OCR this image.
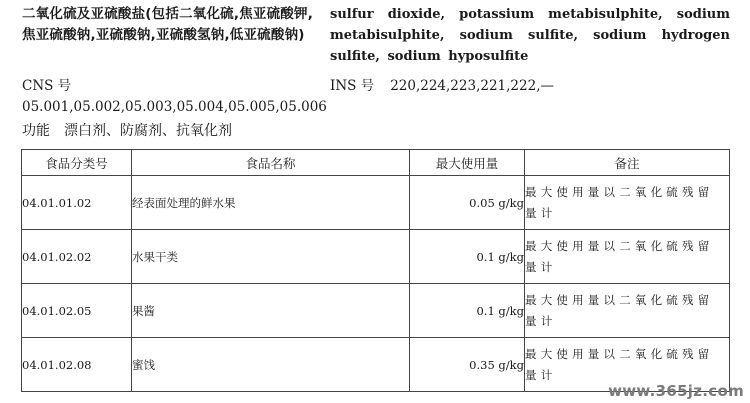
二氧化硫及亚硫酸盐(包括二氧化硫,焦亚硫酸钾,焦亚硫酸钠,亚硫酸钠,亚硫酸氢钠,低亚硫酸钠)
sulfur dioxide, potassium metabisulphite, sodium metabisulphite, sodium sulfite, sodium hydrogen sulfite, sodium hyposulfite
CNS 号05.001,05.002,05.003,05.004,05.005,05.006
INS 号 220,224,223,221,222,—
功能 漂白剂、防腐剂、抗氧化剂
食品分类号	食品名称	最大使用量	备注
04.01.01.02	经表面处理的鲜水果	0.05 g/kg	最大使用量以二氧化硫残留量计
04.01.02.02	水果干类	0.1 g/kg	最大使用量以二氧化硫残留量计
04.01.02.05	果酱	0.1 g/kg	最大使用量以二氧化硫残留量计
04.01.02.08	蜜饯	0.35 g/kg	最大使用量以二氧化硫残留量计
www.365jz.com
